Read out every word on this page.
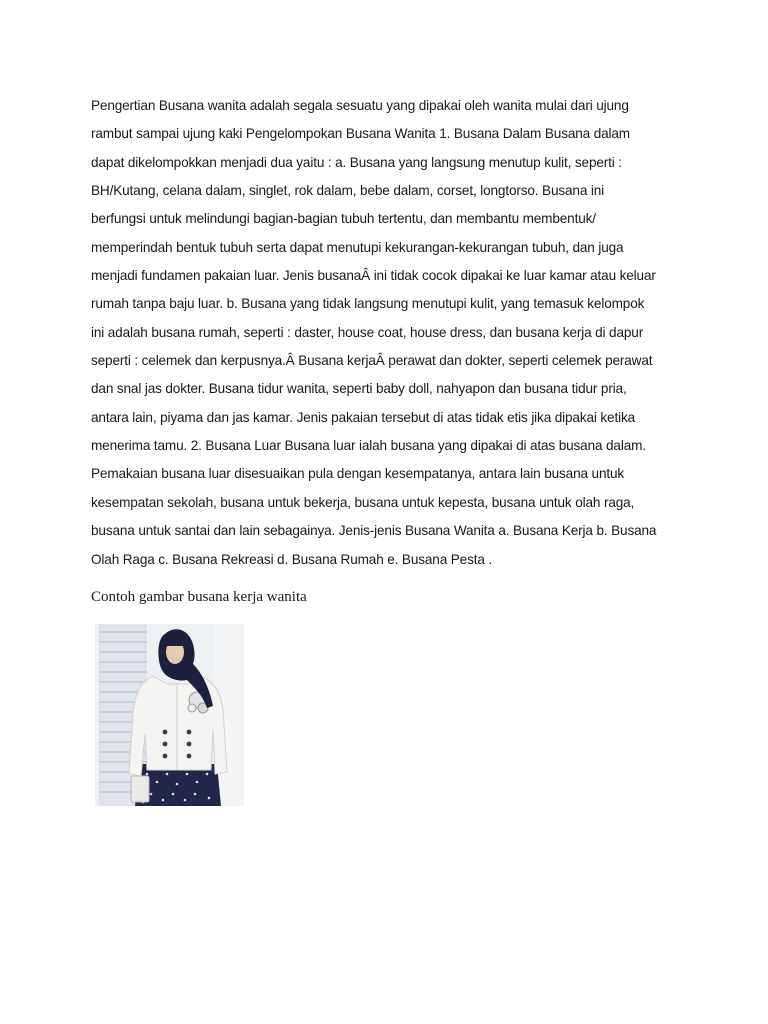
Pengertian Busana wanita adalah segala sesuatu yang dipakai oleh wanita mulai dari ujung
rambut sampai ujung kaki Pengelompokan Busana Wanita 1. Busana Dalam Busana dalam
dapat dikelompokkan menjadi dua yaitu : a. Busana yang langsung menutup kulit, seperti :
BH/Kutang, celana dalam, singlet, rok dalam, bebe dalam, corset, longtorso. Busana ini
berfungsi untuk melindungi bagian-bagian tubuh tertentu, dan membantu membentuk/
memperindah bentuk tubuh serta dapat menutupi kekurangan-kekurangan tubuh, dan juga
menjadi fundamen pakaian luar. Jenis busanaÂ ini tidak cocok dipakai ke luar kamar atau keluar
rumah tanpa baju luar. b. Busana yang tidak langsung menutupi kulit, yang temasuk kelompok
ini adalah busana rumah, seperti : daster, house coat, house dress, dan busana kerja di dapur
seperti : celemek dan kerpusnya.Â Busana kerjaÂ perawat dan dokter, seperti celemek perawat
dan snal jas dokter. Busana tidur wanita, seperti baby doll, nahyapon dan busana tidur pria,
antara lain, piyama dan jas kamar. Jenis pakaian tersebut di atas tidak etis jika dipakai ketika
menerima tamu. 2. Busana Luar Busana luar ialah busana yang dipakai di atas busana dalam.
Pemakaian busana luar disesuaikan pula dengan kesempatanya, antara lain busana untuk
kesempatan sekolah, busana untuk bekerja, busana untuk kepesta, busana untuk olah raga,
busana untuk santai dan lain sebagainya. Jenis-jenis Busana Wanita a. Busana Kerja b. Busana
Olah Raga c. Busana Rekreasi d. Busana Rumah e. Busana Pesta .

Contoh gambar busana kerja wanita
